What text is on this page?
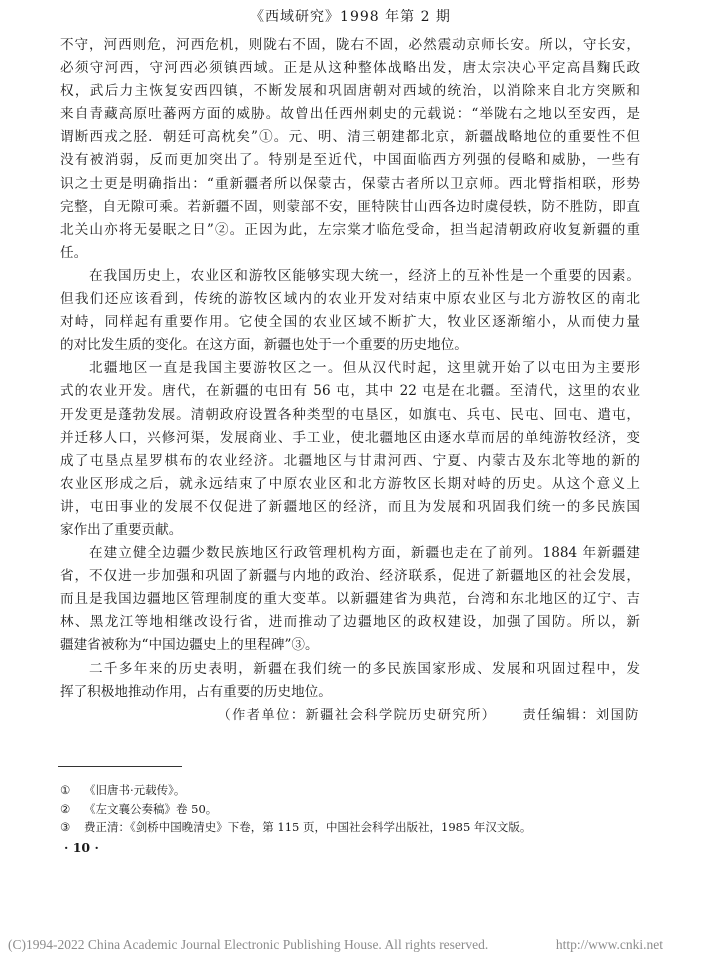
《西域研究》1998 年第 2 期
不守，河西则危，河西危机，则陇右不固，陇右不固，必然震动京师长安。所以，守长安，
必须守河西，守河西必须镇西域。正是从这种整体战略出发，唐太宗决心平定高昌麴氏政
权，武后力主恢复安西四镇，不断发展和巩固唐朝对西域的统治，以消除来自北方突厥和
来自青藏高原吐蕃两方面的威胁。故曾出任西州刺史的元载说：“举陇右之地以至安西，是
谓断西戎之胫．朝廷可高枕矣”①。元、明、清三朝建都北京，新疆战略地位的重要性不但
没有被消弱，反而更加突出了。特别是至近代，中国面临西方列强的侵略和威胁，一些有
识之士更是明确指出：“重新疆者所以保蒙古，保蒙古者所以卫京师。西北臂指相联，形势
完整，自无隙可乘。若新疆不固，则蒙部不安，匪特陕甘山西各边时虞侵轶，防不胜防，即直
北关山亦将无晏眠之日”②。正因为此，左宗棠才临危受命，担当起清朝政府收复新疆的重
任。
在我国历史上，农业区和游牧区能够实现大统一，经济上的互补性是一个重要的因素。
但我们还应该看到，传统的游牧区域内的农业开发对结束中原农业区与北方游牧区的南北
对峙，同样起有重要作用。它使全国的农业区域不断扩大，牧业区逐渐缩小，从而使力量
的对比发生质的变化。在这方面，新疆也处于一个重要的历史地位。
北疆地区一直是我国主要游牧区之一。但从汉代时起，这里就开始了以屯田为主要形
式的农业开发。唐代，在新疆的屯田有 56 屯，其中 22 屯是在北疆。至清代，这里的农业
开发更是蓬勃发展。清朝政府设置各种类型的屯垦区，如旗屯、兵屯、民屯、回屯、遣屯，
并迁移人口，兴修河渠，发展商业、手工业，使北疆地区由逐水草而居的单纯游牧经济，变
成了屯垦点星罗棋布的农业经济。北疆地区与甘肃河西、宁夏、内蒙古及东北等地的新的
农业区形成之后，就永远结束了中原农业区和北方游牧区长期对峙的历史。从这个意义上
讲，屯田事业的发展不仅促进了新疆地区的经济，而且为发展和巩固我们统一的多民族国
家作出了重要贡献。
在建立健全边疆少数民族地区行政管理机构方面，新疆也走在了前列。1884 年新疆建
省，不仅进一步加强和巩固了新疆与内地的政治、经济联系，促进了新疆地区的社会发展，
而且是我国边疆地区管理制度的重大变革。以新疆建省为典范，台湾和东北地区的辽宁、吉
林、黑龙江等地相继改设行省，进而推动了边疆地区的政权建设，加强了国防。所以，新
疆建省被称为“中国边疆史上的里程碑”③。
二千多年来的历史表明，新疆在我们统一的多民族国家形成、发展和巩固过程中，发
挥了积极地推动作用，占有重要的历史地位。
（作者单位：新疆社会科学院历史研究所） 责任编辑：刘国防
①	《旧唐书·元载传》。
②	《左文襄公奏稿》卷 50。
③	费正清：《剑桥中国晚清史》下卷，第 115 页，中国社会科学出版社，1985 年汉文版。
· 10 ·
(C)1994-2022 China Academic Journal Electronic Publishing House. All rights reserved.	http://www.cnki.net
